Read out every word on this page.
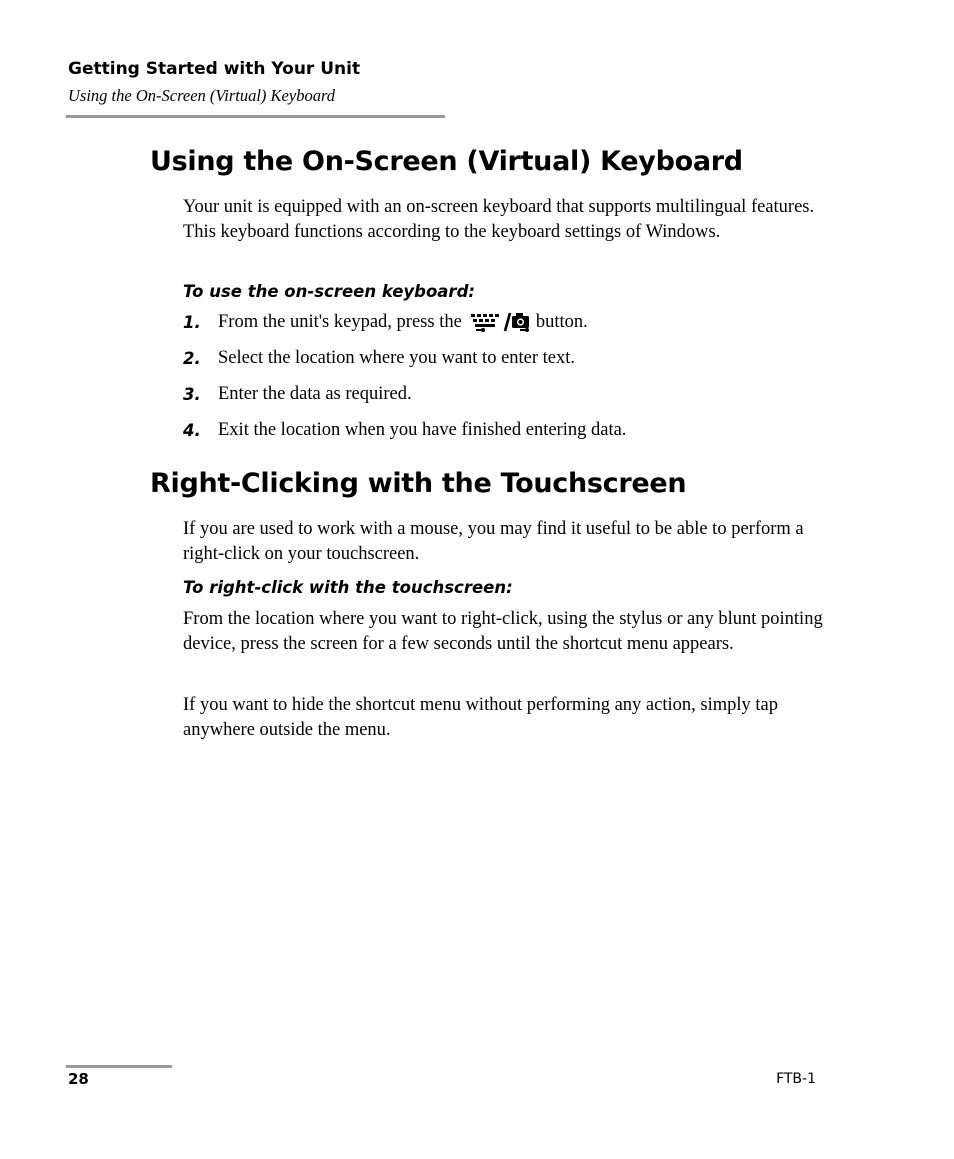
Getting Started with Your Unit
Using the On-Screen (Virtual) Keyboard
Using the On-Screen (Virtual) Keyboard

Your unit is equipped with an on-screen keyboard that supports multilingual features. This keyboard functions according to the keyboard settings of Windows.

To use the on-screen keyboard:
1. From the unit's keypad, press the	button.
2. Select the location where you want to enter text.
3. Enter the data as required.
4. Exit the location when you have finished entering data.
Right-Clicking with the Touchscreen

If you are used to work with a mouse, you may find it useful to be able to perform a right-click on your touchscreen.

To right-click with the touchscreen:

From the location where you want to right-click, using the stylus or any blunt pointing device, press the screen for a few seconds until the shortcut menu appears.

If you want to hide the shortcut menu without performing any action, simply tap anywhere outside the menu.

28	FTB-1
